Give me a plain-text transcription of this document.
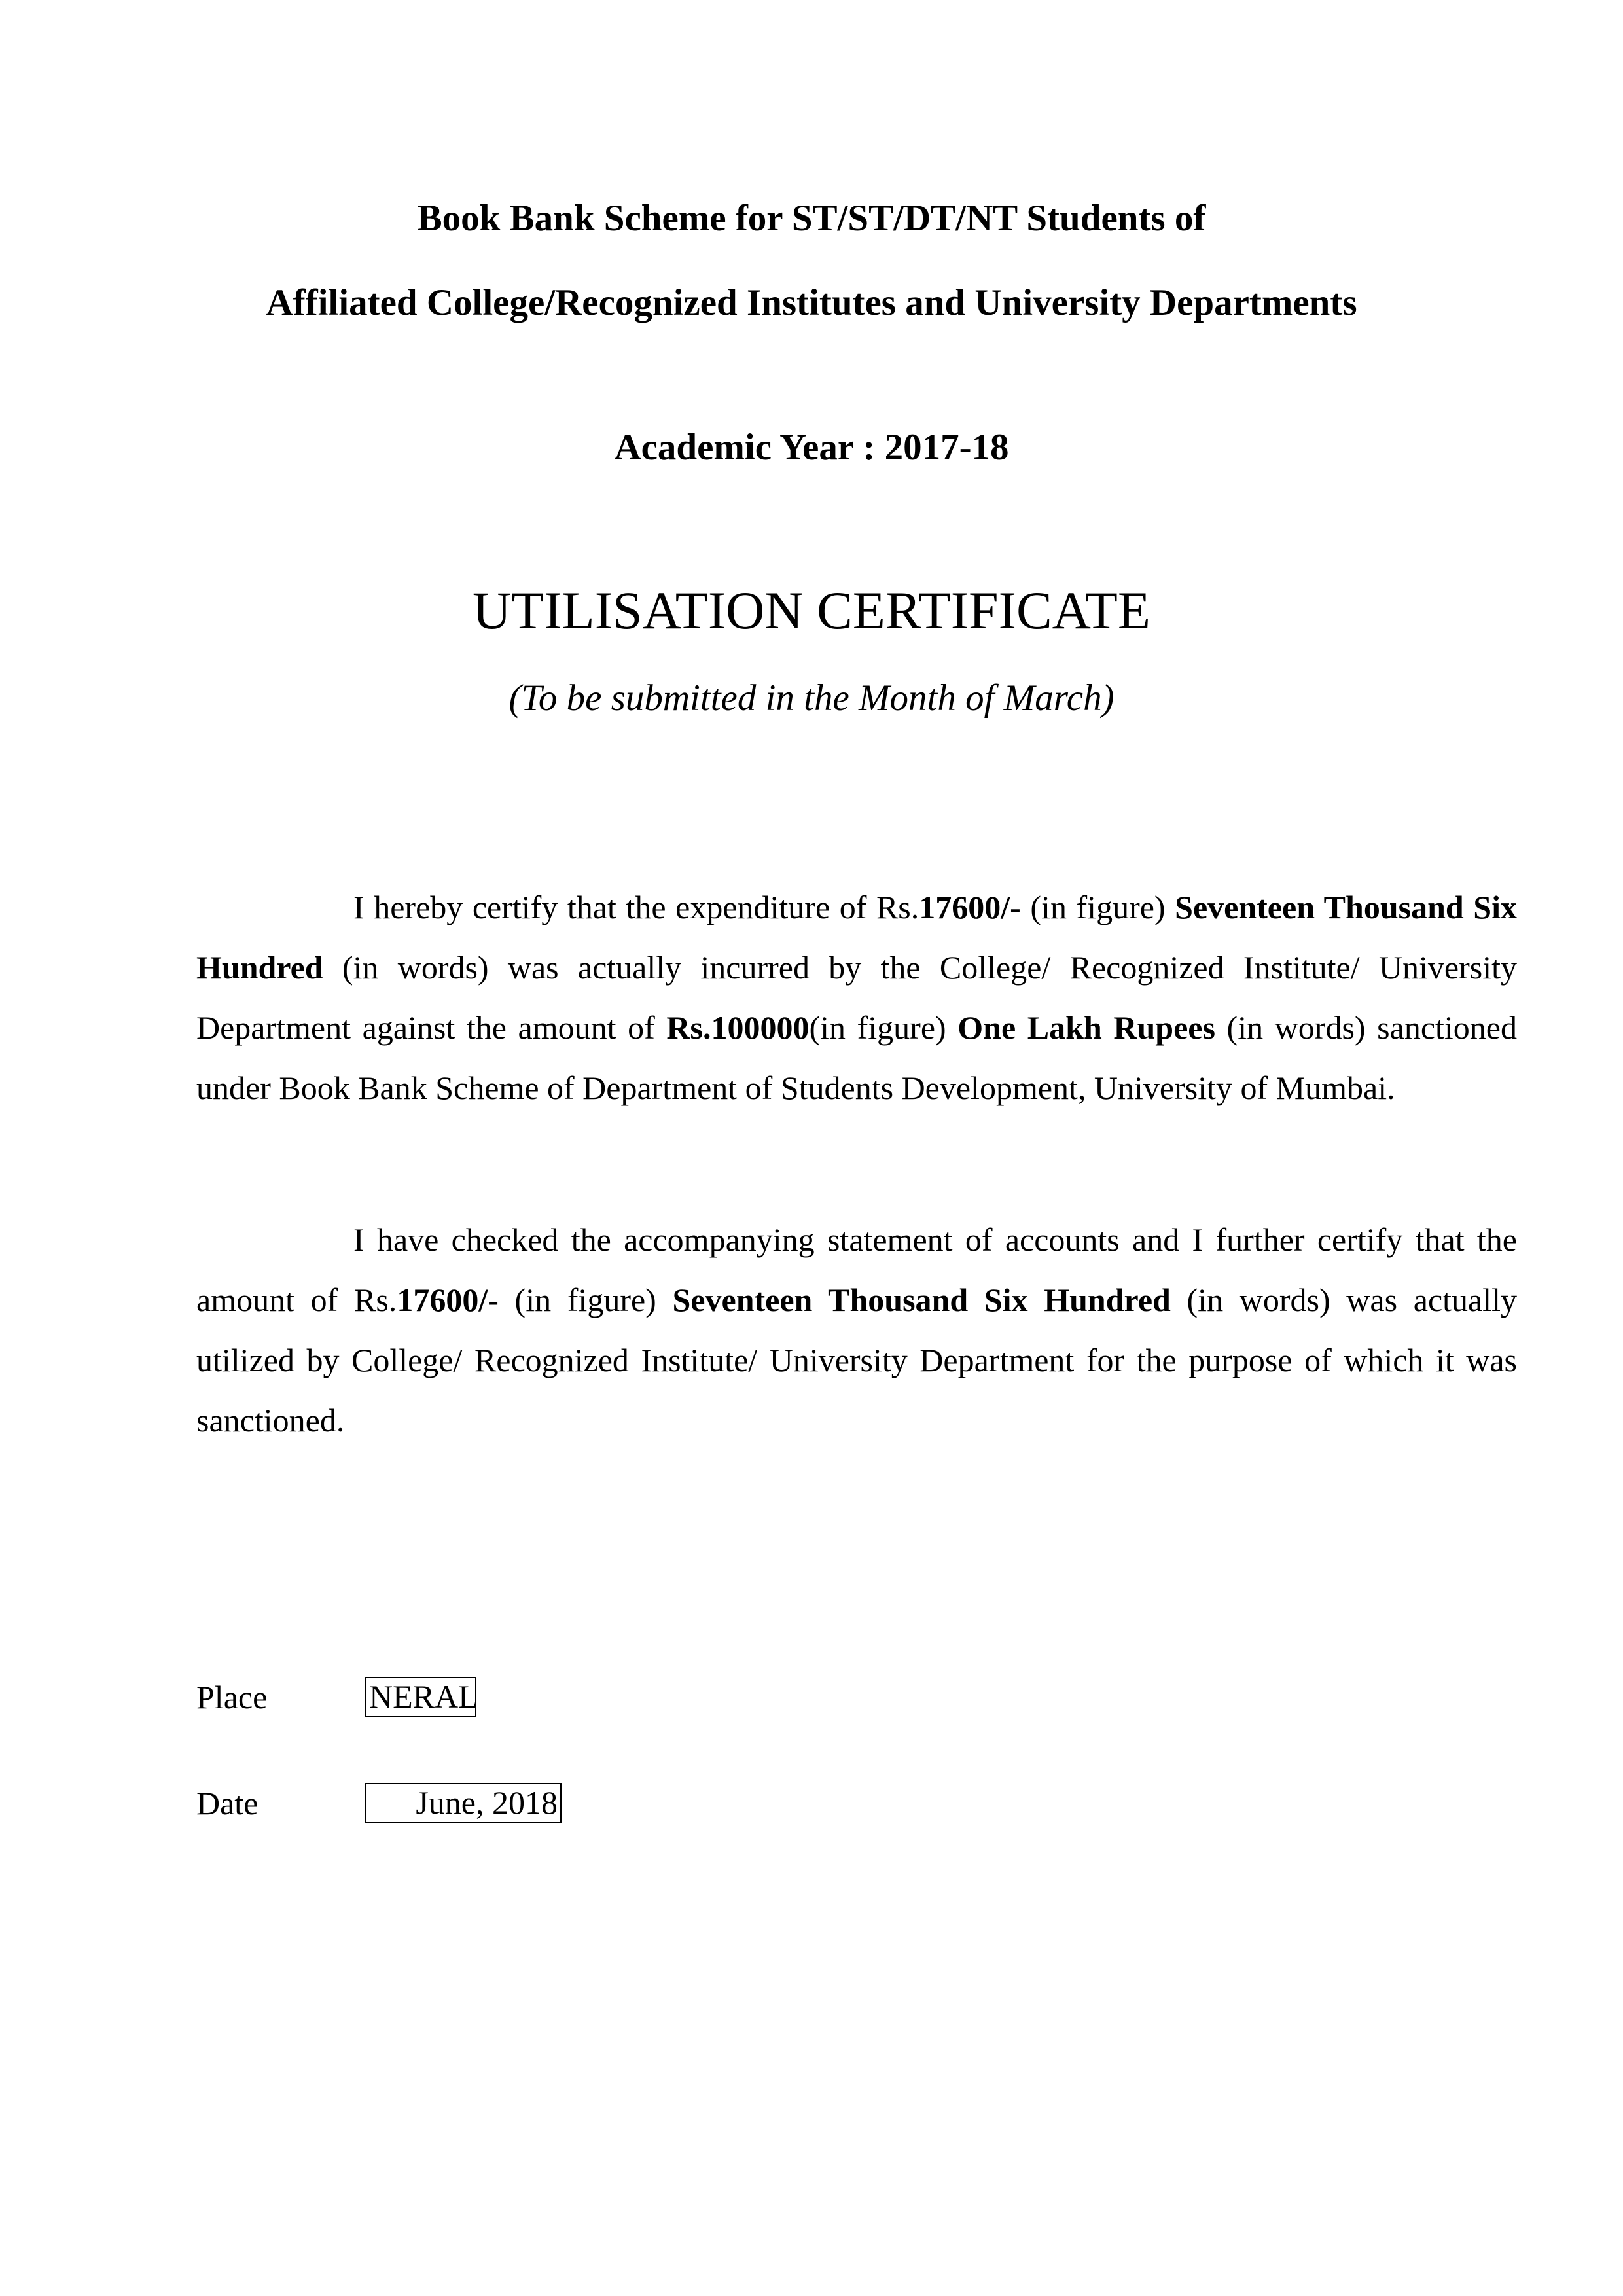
Book Bank Scheme for ST/ST/DT/NT Students of
Affiliated College/Recognized Institutes and University Departments
Academic Year : 2017-18
UTILISATION CERTIFICATE
(To be submitted in the Month of March)

I hereby certify that the expenditure of Rs.17600/- (in figure) Seventeen Thousand Six Hundred (in words) was actually incurred by the College/ Recognized Institute/ University Department against the amount of Rs.100000(in figure) One Lakh Rupees (in words) sanctioned under Book Bank Scheme of Department of Students Development, University of Mumbai.

I have checked the accompanying statement of accounts and I further certify that the amount of Rs.17600/- (in figure) Seventeen Thousand Six Hundred (in words) was actually utilized by College/ Recognized Institute/ University Department for the purpose of which it was sanctioned.

Place	NERAL
Date	June, 2018
